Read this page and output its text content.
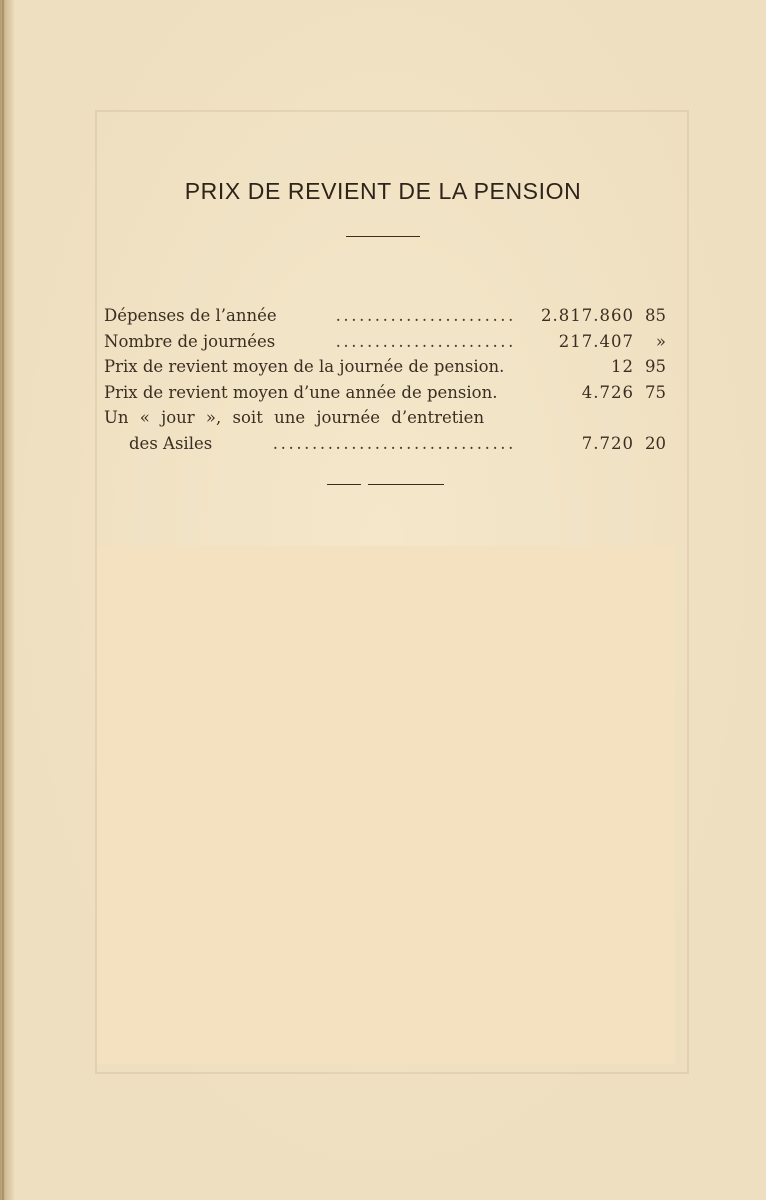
PRIX DE REVIENT DE LA PENSION
Dépenses de l’année	....................... 2.817.860 85
Nombre de journées	.......................	217.407	»
Prix de revient moyen de la journée de pension.	12 95
Prix de revient moyen d’une année de pension.	4.726 75
Un « jour », soit une journée d’entretien
des Asiles	...............................	7.720 20
